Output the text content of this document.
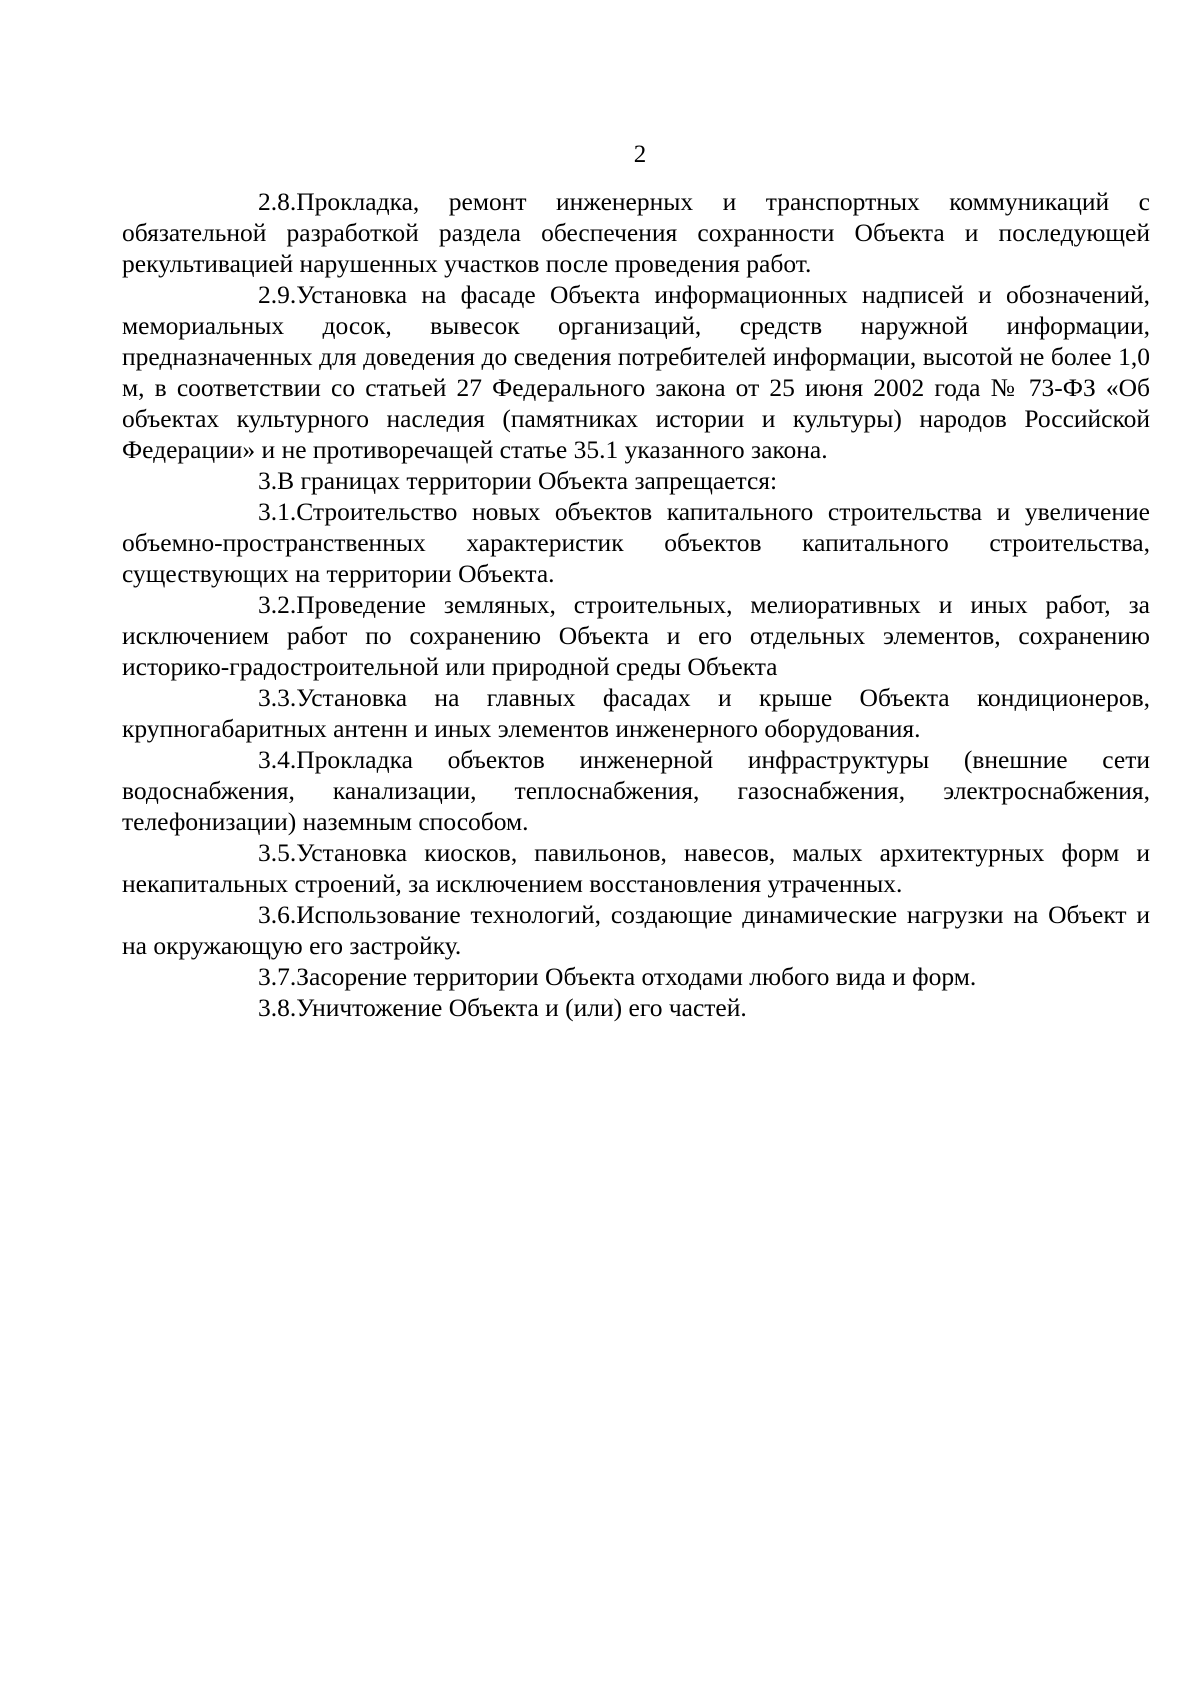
2

2.8.Прокладка, ремонт инженерных и транспортных коммуникаций с обязательной разработкой раздела обеспечения сохранности Объекта и последующей рекультивацией нарушенных участков после проведения работ.

2.9.Установка на фасаде Объекта информационных надписей и обозначений, мемориальных досок, вывесок организаций, средств наружной информации, предназначенных для доведения до сведения потребителей информации, высотой не более 1,0 м, в соответствии со статьей 27 Федерального закона от 25 июня 2002 года № 73-ФЗ «Об объектах культурного наследия (памятниках истории и культуры) народов Российской Федерации» и не противоречащей статье 35.1 указанного закона.

3.В границах территории Объекта запрещается:

3.1.Строительство новых объектов капитального строительства и увеличение объемно-пространственных характеристик объектов капитального строительства, существующих на территории Объекта.

3.2.Проведение земляных, строительных, мелиоративных и иных работ, за исключением работ по сохранению Объекта и его отдельных элементов, сохранению историко-градостроительной или природной среды Объекта

3.3.Установка на главных фасадах и крыше Объекта кондиционеров, крупногабаритных антенн и иных элементов инженерного оборудования.

3.4.Прокладка объектов инженерной инфраструктуры (внешние сети водоснабжения, канализации, теплоснабжения, газоснабжения, электроснабжения, телефонизации) наземным способом.

3.5.Установка киосков, павильонов, навесов, малых архитектурных форм и некапитальных строений, за исключением восстановления утраченных.

3.6.Использование технологий, создающие динамические нагрузки на Объект и на окружающую его застройку.

3.7.Засорение территории Объекта отходами любого вида и форм.

3.8.Уничтожение Объекта и (или) его частей.
